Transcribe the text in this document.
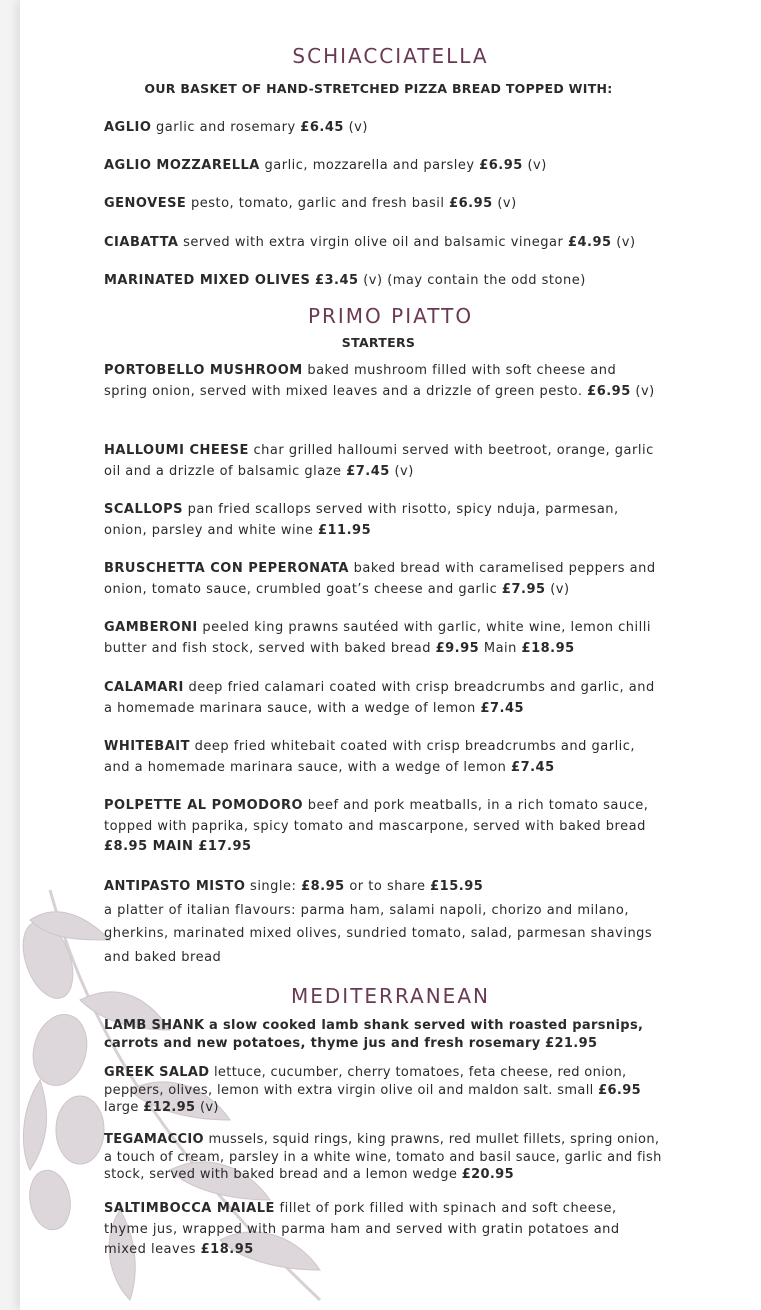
SCHIACCIATELLA
OUR BASKET OF HAND-STRETCHED PIZZA BREAD TOPPED WITH:
AGLIO garlic and rosemary £6.45 (v)
AGLIO MOZZARELLA garlic, mozzarella and parsley £6.95 (v)
GENOVESE pesto, tomato, garlic and fresh basil £6.95 (v)
CIABATTA served with extra virgin olive oil and balsamic vinegar £4.95 (v)
MARINATED MIXED OLIVES £3.45 (v) (may contain the odd stone)
PRIMO PIATTO
STARTERS
PORTOBELLO MUSHROOM baked mushroom filled with soft cheese and spring onion, served with mixed leaves and a drizzle of green pesto. £6.95 (v)
HALLOUMI CHEESE char grilled halloumi served with beetroot, orange, garlic oil and a drizzle of balsamic glaze £7.45 (v)
SCALLOPS pan fried scallops served with risotto, spicy nduja, parmesan, onion, parsley and white wine £11.95
BRUSCHETTA CON PEPERONATA baked bread with caramelised peppers and onion, tomato sauce, crumbled goat’s cheese and garlic £7.95 (v)
GAMBERONI peeled king prawns sautéed with garlic, white wine, lemon chilli butter and fish stock, served with baked bread £9.95 Main £18.95
CALAMARI deep fried calamari coated with crisp breadcrumbs and garlic, and a homemade marinara sauce, with a wedge of lemon £7.45
WHITEBAIT deep fried whitebait coated with crisp breadcrumbs and garlic, and a homemade marinara sauce, with a wedge of lemon £7.45
POLPETTE AL POMODORO beef and pork meatballs, in a rich tomato sauce, topped with paprika, spicy tomato and mascarpone, served with baked bread £8.95 MAIN £17.95
ANTIPASTO MISTO single: £8.95 or to share £15.95
a platter of italian flavours: parma ham, salami napoli, chorizo and milano, gherkins, marinated mixed olives, sundried tomato, salad, parmesan shavings and baked bread
MEDITERRANEAN
LAMB SHANK a slow cooked lamb shank served with roasted parsnips, carrots and new potatoes, thyme jus and fresh rosemary £21.95
GREEK SALAD lettuce, cucumber, cherry tomatoes, feta cheese, red onion, peppers, olives, lemon with extra virgin olive oil and maldon salt. small £6.95 large £12.95 (v)
TEGAMACCIO mussels, squid rings, king prawns, red mullet fillets, spring onion, a touch of cream, parsley in a white wine, tomato and basil sauce, garlic and fish stock, served with baked bread and a lemon wedge £20.95
SALTIMBOCCA MAIALE fillet of pork filled with spinach and soft cheese, thyme jus, wrapped with parma ham and served with gratin potatoes and mixed leaves £18.95
